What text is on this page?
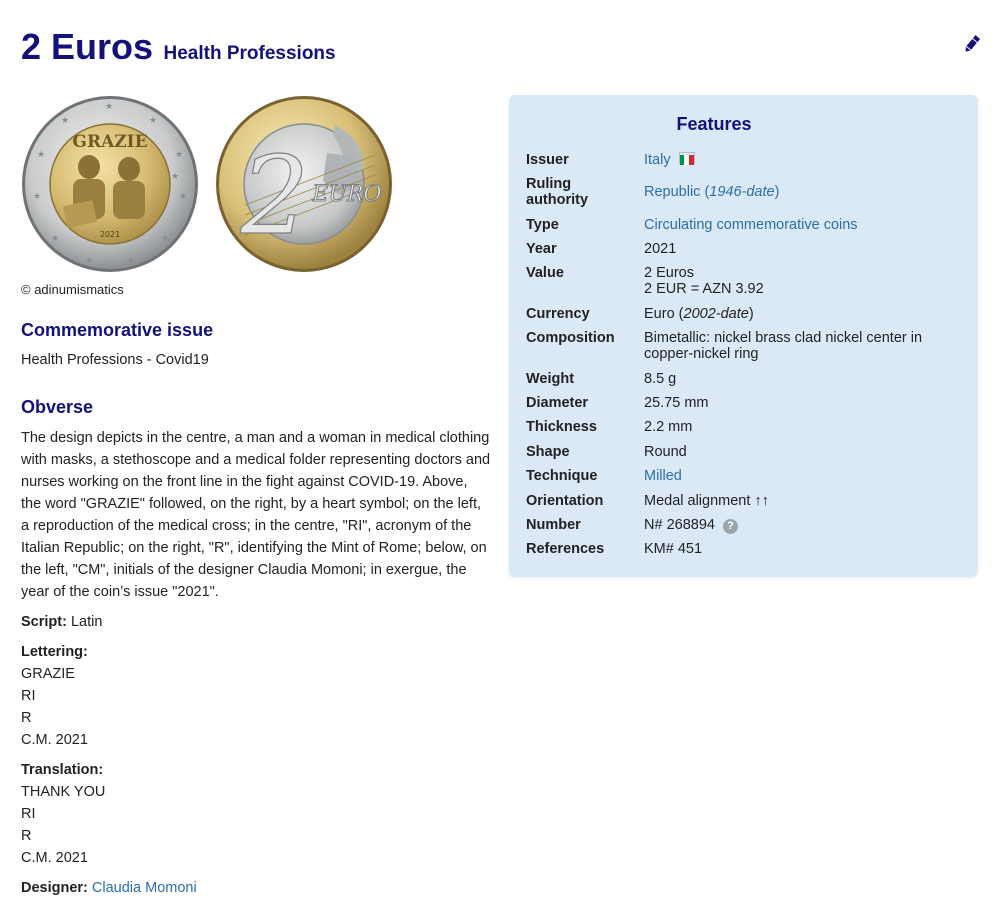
2 Euros Health Professions
★
★
★
★
★
★
★
★
★
★
★
★
GRAZIE
2021 2 EURO
© adinumismatics
Commemorative issue
Health Professions - Covid19
Obverse
The design depicts in the centre, a man and a woman in medical clothing with masks, a stethoscope and a medical folder representing doctors and nurses working on the front line in the fight against COVID-19. Above, the word "GRAZIE" followed, on the right, by a heart symbol; on the left, a reproduction of the medical cross; in the centre, "RI", acronym of the Italian Republic; on the right, "R", identifying the Mint of Rome; below, on the left, "CM", initials of the designer Claudia Momoni; in exergue, the year of the coin’s issue "2021".
Script: Latin
Lettering:
GRAZIE
RI
R
C.M. 2021
Translation:
THANK YOU
RI
R
C.M. 2021
Designer: Claudia Momoni
Features
Issuer	Italy
Ruling authority	Republic (1946-date)
Type	Circulating commemorative coins
Year	2021
Value	2 Euros
2 EUR = AZN 3.92
Currency	Euro (2002-date)
Composition	Bimetallic: nickel brass clad nickel center in copper-nickel ring
Weight	8.5 g
Diameter	25.75 mm
Thickness	2.2 mm
Shape	Round
Technique	Milled
Orientation	Medal alignment ↑↑
Number	N# 268894 ?
References	KM# 451
